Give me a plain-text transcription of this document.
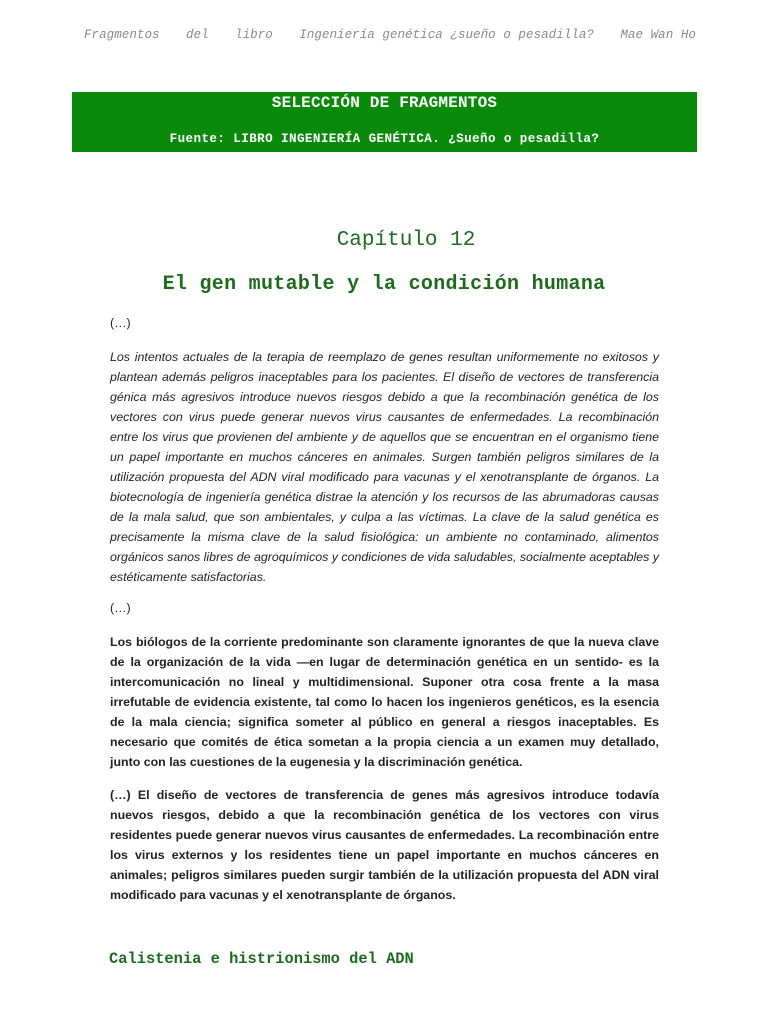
Fragmentos del libro Ingeniería genética ¿sueño o pesadilla? Mae Wan Ho
SELECCIÓN DE FRAGMENTOS
Fuente: LIBRO INGENIERÍA GENÉTICA. ¿Sueño o pesadilla?
Capítulo 12
El gen mutable y la condición humana
(…)

Los intentos actuales de la terapia de reemplazo de genes resultan uniformemente no exitosos y plantean además peligros inaceptables para los pacientes. El diseño de vectores de transferencia génica más agresivos introduce nuevos riesgos debido a que la recombinación genética de los vectores con virus puede generar nuevos virus causantes de enfermedades. La recombinación entre los virus que provienen del ambiente y de aquellos que se encuentran en el organismo tiene un papel importante en muchos cánceres en animales. Surgen también peligros similares de la utilización propuesta del ADN viral modificado para vacunas y el xenotransplante de órganos. La biotecnología de ingeniería genética distrae la atención y los recursos de las abrumadoras causas de la mala salud, que son ambientales, y culpa a las víctimas. La clave de la salud genética es precisamente la misma clave de la salud fisiológica: un ambiente no contaminado, alimentos orgánicos sanos libres de agroquímicos y condiciones de vida saludables, socialmente aceptables y estéticamente satisfactorias.

(…)

Los biólogos de la corriente predominante son claramente ignorantes de que la nueva clave de la organización de la vida —en lugar de determinación genética en un sentido- es la intercomunicación no lineal y multidimensional. Suponer otra cosa frente a la masa irrefutable de evidencia existente, tal como lo hacen los ingenieros genéticos, es la esencia de la mala ciencia; significa someter al público en general a riesgos inaceptables. Es necesario que comités de ética sometan a la propia ciencia a un examen muy detallado, junto con las cuestiones de la eugenesia y la discriminación genética.

(…) El diseño de vectores de transferencia de genes más agresivos introduce todavía nuevos riesgos, debido a que la recombinación genética de los vectores con virus residentes puede generar nuevos virus causantes de enfermedades. La recombinación entre los virus externos y los residentes tiene un papel importante en muchos cánceres en animales; peligros similares pueden surgir también de la utilización propuesta del ADN viral modificado para vacunas y el xenotransplante de órganos.

Calistenia e histrionismo del ADN
